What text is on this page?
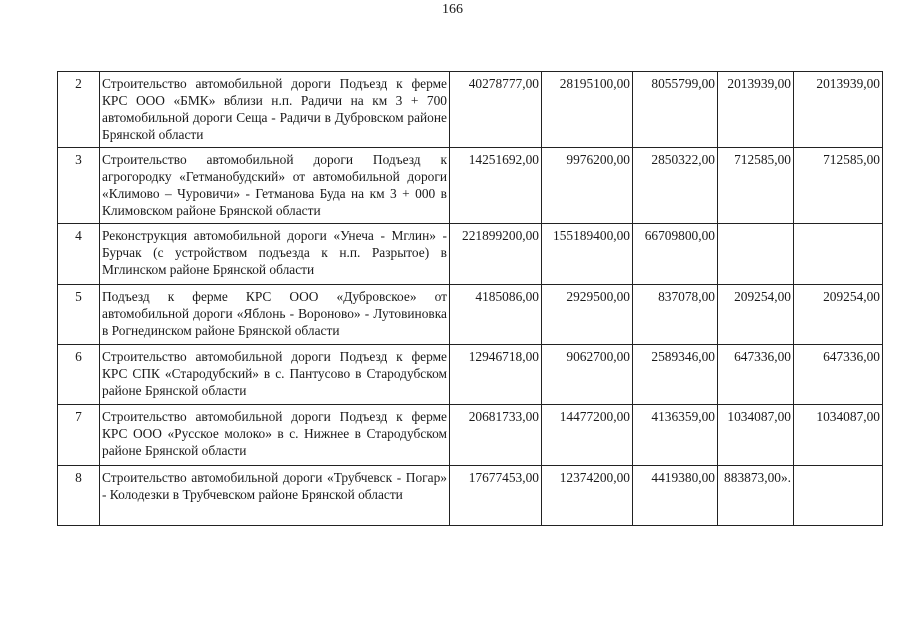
166
2	Строительство автомобильной дороги Подъезд к ферме КРС ООО «БМК» вблизи н.п. Радичи на км 3 + 700 автомобильной дороги Сеща - Радичи в Дубровском районе Брянской области	40278777,00	28195100,00	8055799,00	2013939,00	2013939,00
3	Строительство автомобильной дороги Подъезд к агрогородку «Гетманобудский» от автомобильной дороги «Климово – Чуровичи» - Гетманова Буда на км 3 + 000 в Климовском районе Брянской области	14251692,00	9976200,00	2850322,00	712585,00	712585,00
4	Реконструкция автомобильной дороги «Унеча - Мглин» - Бурчак (с устройством подъезда к н.п. Разрытое) в Мглинском районе Брянской области	221899200,00	155189400,00	66709800,00		
5	Подъезд к ферме КРС ООО «Дубровское» от автомобильной дороги «Яблонь - Вороново» - Лутовиновка в Рогнединском районе Брянской области	4185086,00	2929500,00	837078,00	209254,00	209254,00
6	Строительство автомобильной дороги Подъезд к ферме КРС СПК «Стародубский» в с. Пантусово в Стародубском районе Брянской области	12946718,00	9062700,00	2589346,00	647336,00	647336,00
7	Строительство автомобильной дороги Подъезд к ферме КРС ООО «Русское молоко» в с. Нижнее в Стародубском районе Брянской области	20681733,00	14477200,00	4136359,00	1034087,00	1034087,00
8	Строительство автомобильной дороги «Трубчевск - Погар» - Колодезки в Трубчевском районе Брянской области	17677453,00	12374200,00	4419380,00	883873,00».	
